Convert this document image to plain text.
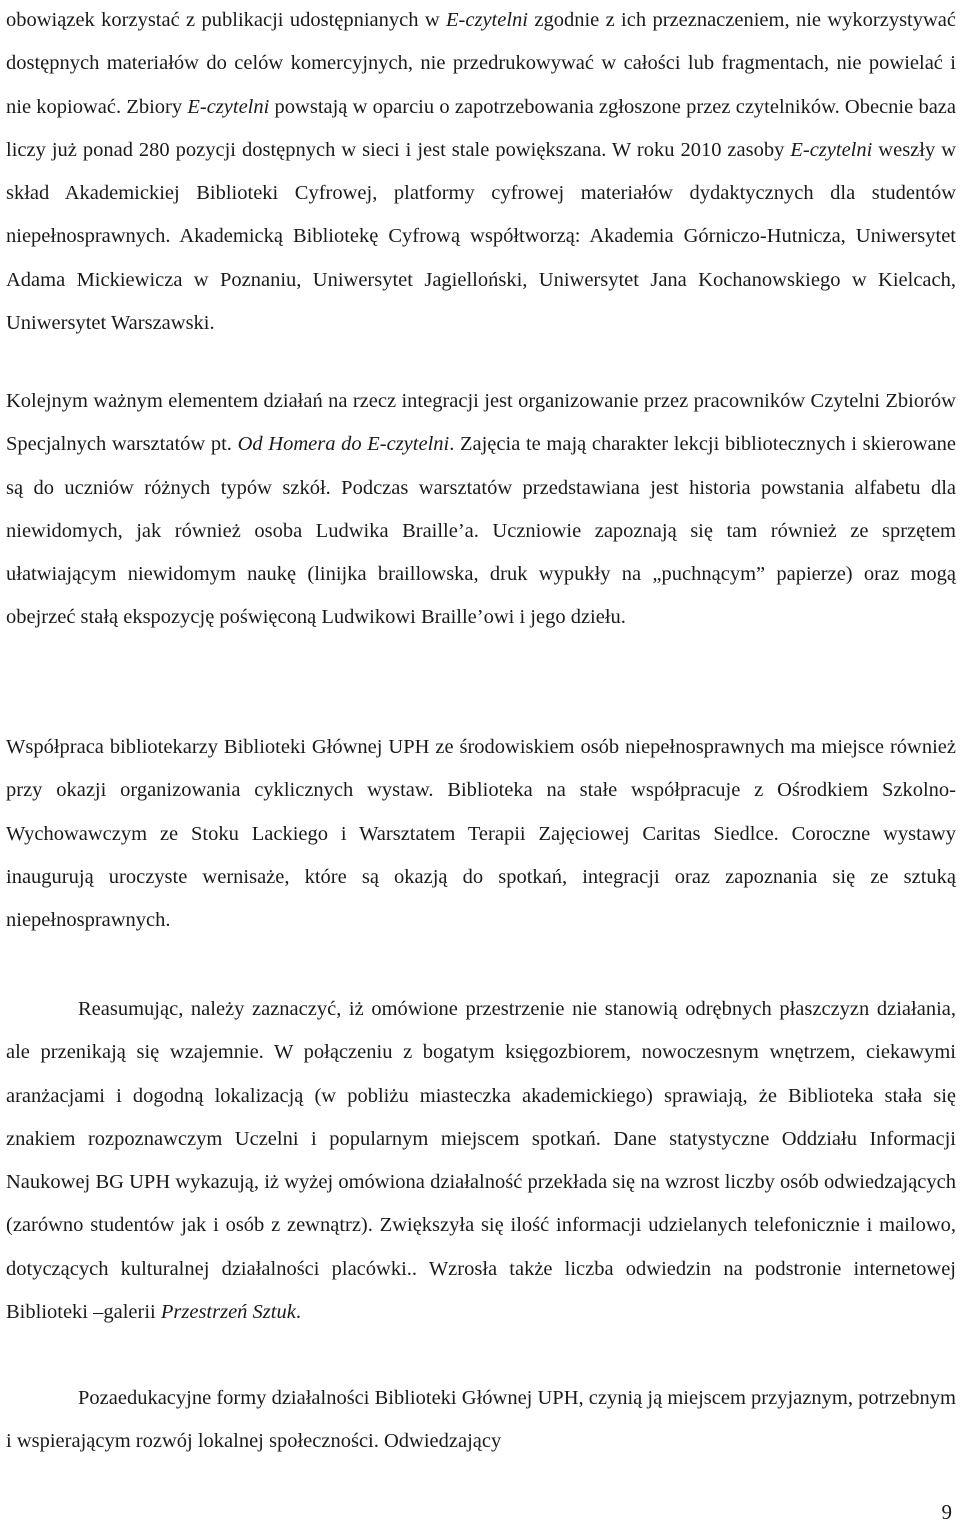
obowiązek korzystać z publikacji udostępnianych w E-czytelni zgodnie z ich przeznaczeniem, nie wykorzystywać dostępnych materiałów do celów komercyjnych, nie przedrukowywać w całości lub fragmentach, nie powielać i nie kopiować. Zbiory E-czytelni powstają w oparciu o zapotrzebowania zgłoszone przez czytelników. Obecnie baza liczy już ponad 280 pozycji dostępnych w sieci i jest stale powiększana. W roku 2010 zasoby E-czytelni weszły w skład Akademickiej Biblioteki Cyfrowej, platformy cyfrowej materiałów dydaktycznych dla studentów niepełnosprawnych. Akademicką Bibliotekę Cyfrową współtworzą: Akademia Górniczo-Hutnicza, Uniwersytet Adama Mickiewicza w Poznaniu, Uniwersytet Jagielloński, Uniwersytet Jana Kochanowskiego w Kielcach, Uniwersytet Warszawski.

Kolejnym ważnym elementem działań na rzecz integracji jest organizowanie przez pracowników Czytelni Zbiorów Specjalnych warsztatów pt. Od Homera do E-czytelni. Zajęcia te mają charakter lekcji bibliotecznych i skierowane są do uczniów różnych typów szkół. Podczas warsztatów przedstawiana jest historia powstania alfabetu dla niewidomych, jak również osoba Ludwika Braille’a. Uczniowie zapoznają się tam również ze sprzętem ułatwiającym niewidomym naukę (linijka braillowska, druk wypukły na „puchnącym” papierze) oraz mogą obejrzeć stałą ekspozycję poświęconą Ludwikowi Braille’owi i jego dziełu.

Współpraca bibliotekarzy Biblioteki Głównej UPH ze środowiskiem osób niepełnosprawnych ma miejsce również przy okazji organizowania cyklicznych wystaw. Biblioteka na stałe współpracuje z Ośrodkiem Szkolno-Wychowawczym ze Stoku Lackiego i Warsztatem Terapii Zajęciowej Caritas Siedlce. Coroczne wystawy inaugurują uroczyste wernisaże, które są okazją do spotkań, integracji oraz zapoznania się ze sztuką niepełnosprawnych.

Reasumując, należy zaznaczyć, iż omówione przestrzenie nie stanowią odrębnych płaszczyzn działania, ale przenikają się wzajemnie. W połączeniu z bogatym księgozbiorem, nowoczesnym wnętrzem, ciekawymi aranżacjami i dogodną lokalizacją (w pobliżu miasteczka akademickiego) sprawiają, że Biblioteka stała się znakiem rozpoznawczym Uczelni i popularnym miejscem spotkań. Dane statystyczne Oddziału Informacji Naukowej BG UPH wykazują, iż wyżej omówiona działalność przekłada się na wzrost liczby osób odwiedzających (zarówno studentów jak i osób z zewnątrz). Zwiększyła się ilość informacji udzielanych telefonicznie i mailowo, dotyczących kulturalnej działalności placówki.. Wzrosła także liczba odwiedzin na podstronie internetowej Biblioteki –galerii Przestrzeń Sztuk.

Pozaedukacyjne formy działalności Biblioteki Głównej UPH, czynią ją miejscem przyjaznym, potrzebnym i wspierającym rozwój lokalnej społeczności. Odwiedzający

9
